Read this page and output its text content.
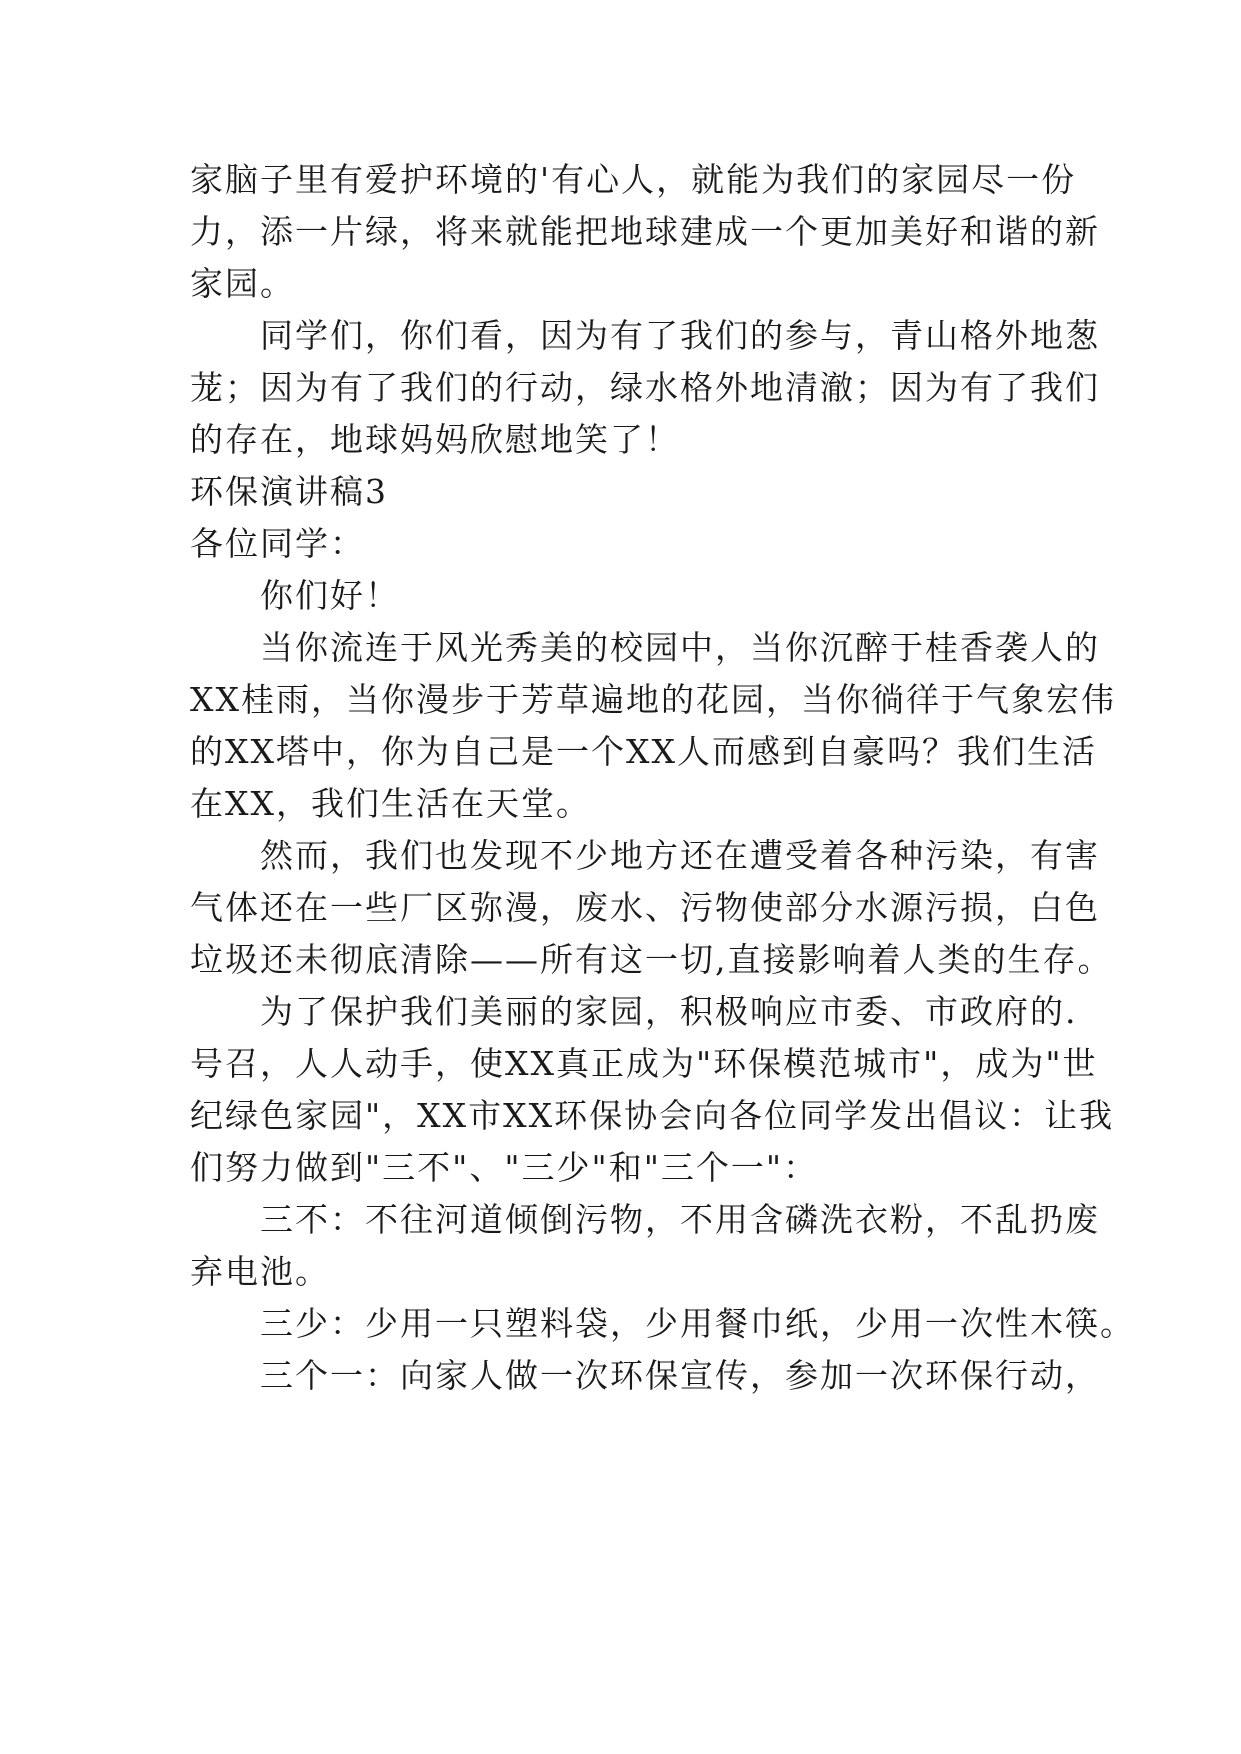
家脑子里有爱护环境的'有心人，就能为我们的家园尽一份
力，添一片绿，将来就能把地球建成一个更加美好和谐的新
家园。
同学们，你们看，因为有了我们的参与，青山格外地葱
茏；因为有了我们的行动，绿水格外地清澈；因为有了我们
的存在，地球妈妈欣慰地笑了！
环保演讲稿3
各位同学：
你们好！
当你流连于风光秀美的校园中，当你沉醉于桂香袭人的
XX桂雨，当你漫步于芳草遍地的花园，当你徜徉于气象宏伟
的XX塔中，你为自己是一个XX人而感到自豪吗？我们生活
在XX，我们生活在天堂。
然而，我们也发现不少地方还在遭受着各种污染，有害
气体还在一些厂区弥漫，废水、污物使部分水源污损，白色
垃圾还未彻底清除——所有这一切,直接影响着人类的生存。
为了保护我们美丽的家园，积极响应市委、市政府的.
号召，人人动手，使XX真正成为"环保模范城市"，成为"世
纪绿色家园"，XX市XX环保协会向各位同学发出倡议：让我
们努力做到"三不"、"三少"和"三个一"：
三不：不往河道倾倒污物，不用含磷洗衣粉，不乱扔废
弃电池。
三少：少用一只塑料袋，少用餐巾纸，少用一次性木筷。
三个一：向家人做一次环保宣传，参加一次环保行动，
